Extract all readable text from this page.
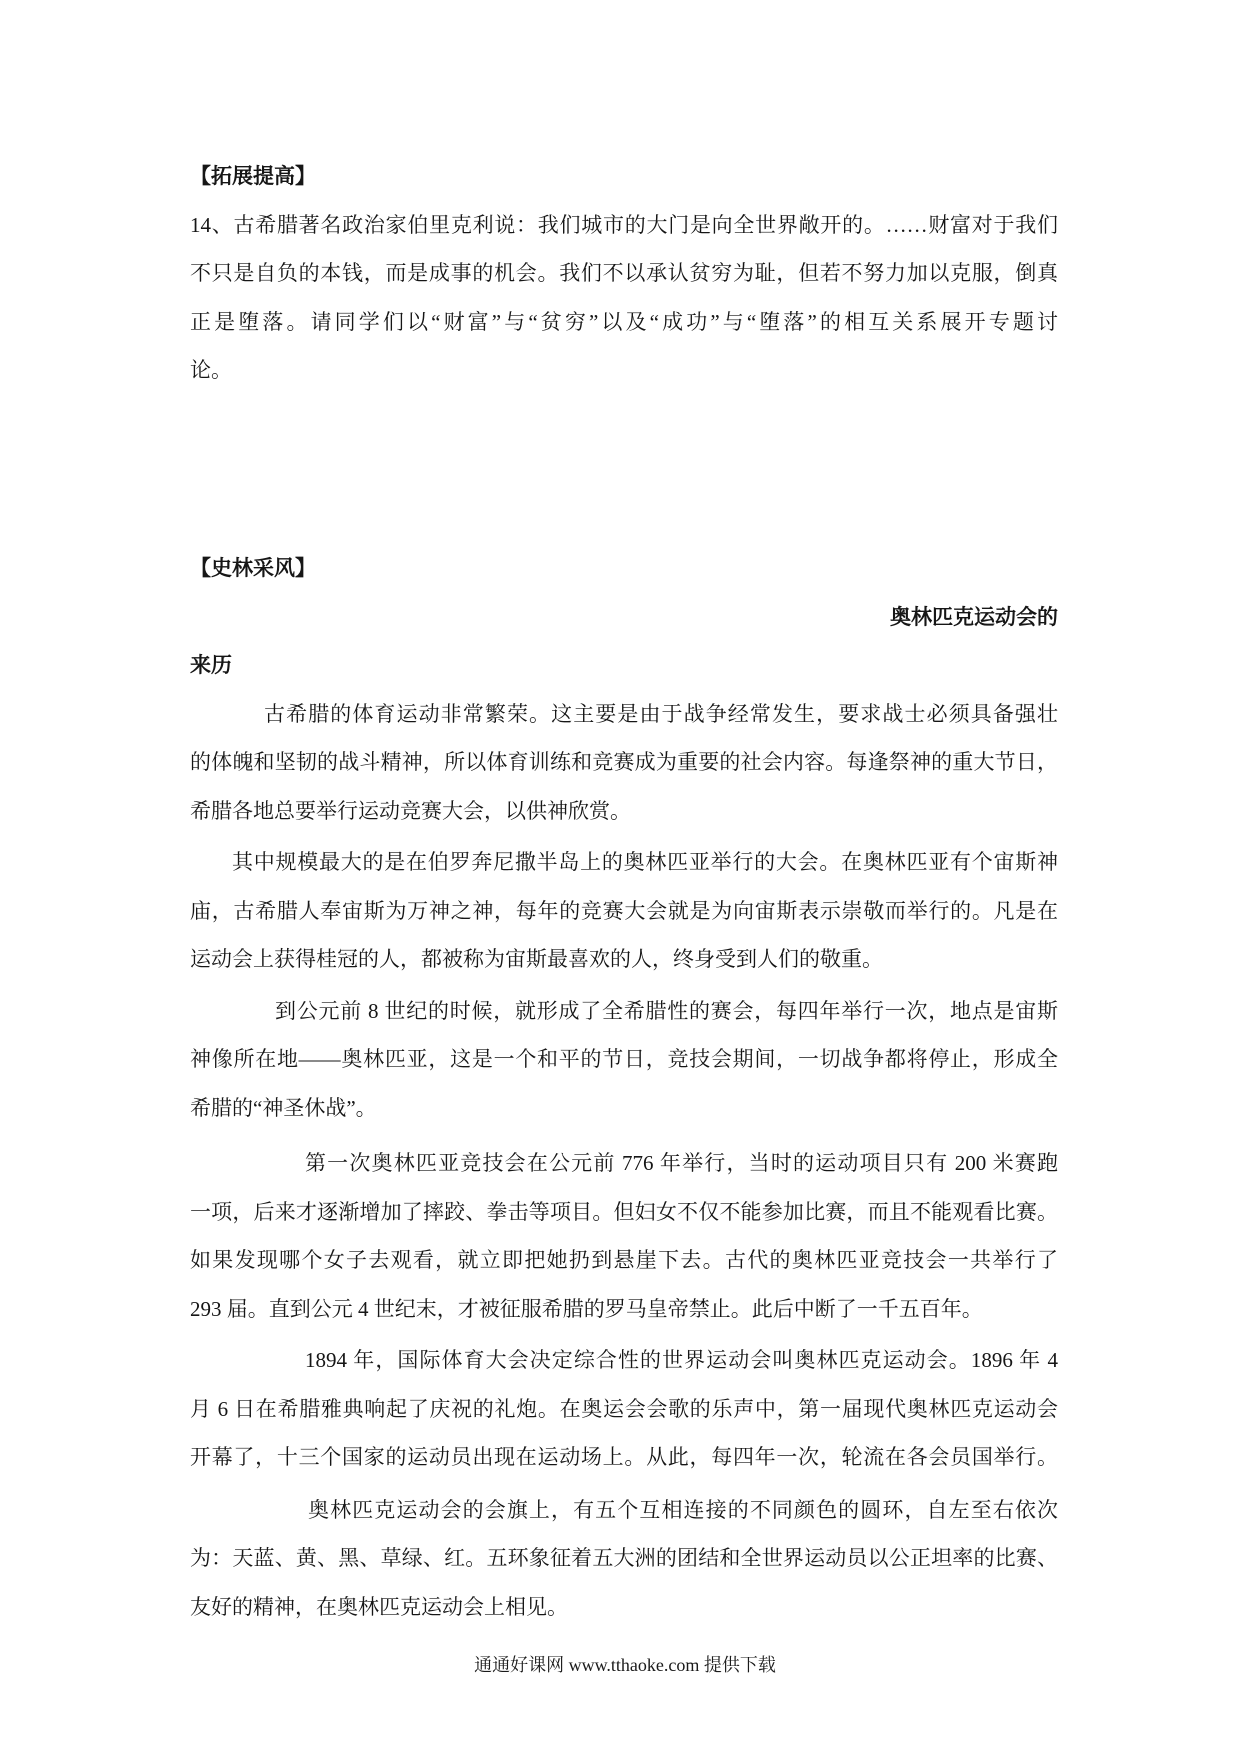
【拓展提高】
14、古希腊著名政治家伯里克利说：我们城市的大门是向全世界敞开的。……财富对于我们
不只是自负的本钱，而是成事的机会。我们不以承认贫穷为耻，但若不努力加以克服，倒真
正是堕落。请同学们以“财富”与“贫穷”以及“成功”与“堕落”的相互关系展开专题讨
论。
【史林采风】
奥林匹克运动会的
来历
古希腊的体育运动非常繁荣。这主要是由于战争经常发生，要求战士必须具备强壮
的体魄和坚韧的战斗精神，所以体育训练和竞赛成为重要的社会内容。每逢祭神的重大节日，
希腊各地总要举行运动竞赛大会，以供神欣赏。
其中规模最大的是在伯罗奔尼撒半岛上的奥林匹亚举行的大会。在奥林匹亚有个宙斯神
庙，古希腊人奉宙斯为万神之神，每年的竞赛大会就是为向宙斯表示崇敬而举行的。凡是在
运动会上获得桂冠的人，都被称为宙斯最喜欢的人，终身受到人们的敬重。
到公元前 8 世纪的时候，就形成了全希腊性的赛会，每四年举行一次，地点是宙斯
神像所在地——奥林匹亚，这是一个和平的节日，竞技会期间，一切战争都将停止，形成全
希腊的“神圣休战”。
第一次奥林匹亚竞技会在公元前 776 年举行，当时的运动项目只有 200 米赛跑
一项，后来才逐渐增加了摔跤、拳击等项目。但妇女不仅不能参加比赛，而且不能观看比赛。
如果发现哪个女子去观看，就立即把她扔到悬崖下去。古代的奥林匹亚竞技会一共举行了
293 届。直到公元 4 世纪末，才被征服希腊的罗马皇帝禁止。此后中断了一千五百年。
1894 年，国际体育大会决定综合性的世界运动会叫奥林匹克运动会。1896 年 4
月 6 日在希腊雅典响起了庆祝的礼炮。在奥运会会歌的乐声中，第一届现代奥林匹克运动会
开幕了，十三个国家的运动员出现在运动场上。从此，每四年一次，轮流在各会员国举行。
奥林匹克运动会的会旗上，有五个互相连接的不同颜色的圆环，自左至右依次
为：天蓝、黄、黑、草绿、红。五环象征着五大洲的团结和全世界运动员以公正坦率的比赛、
友好的精神，在奥林匹克运动会上相见。
通通好课网 www.tthaoke.com 提供下载
